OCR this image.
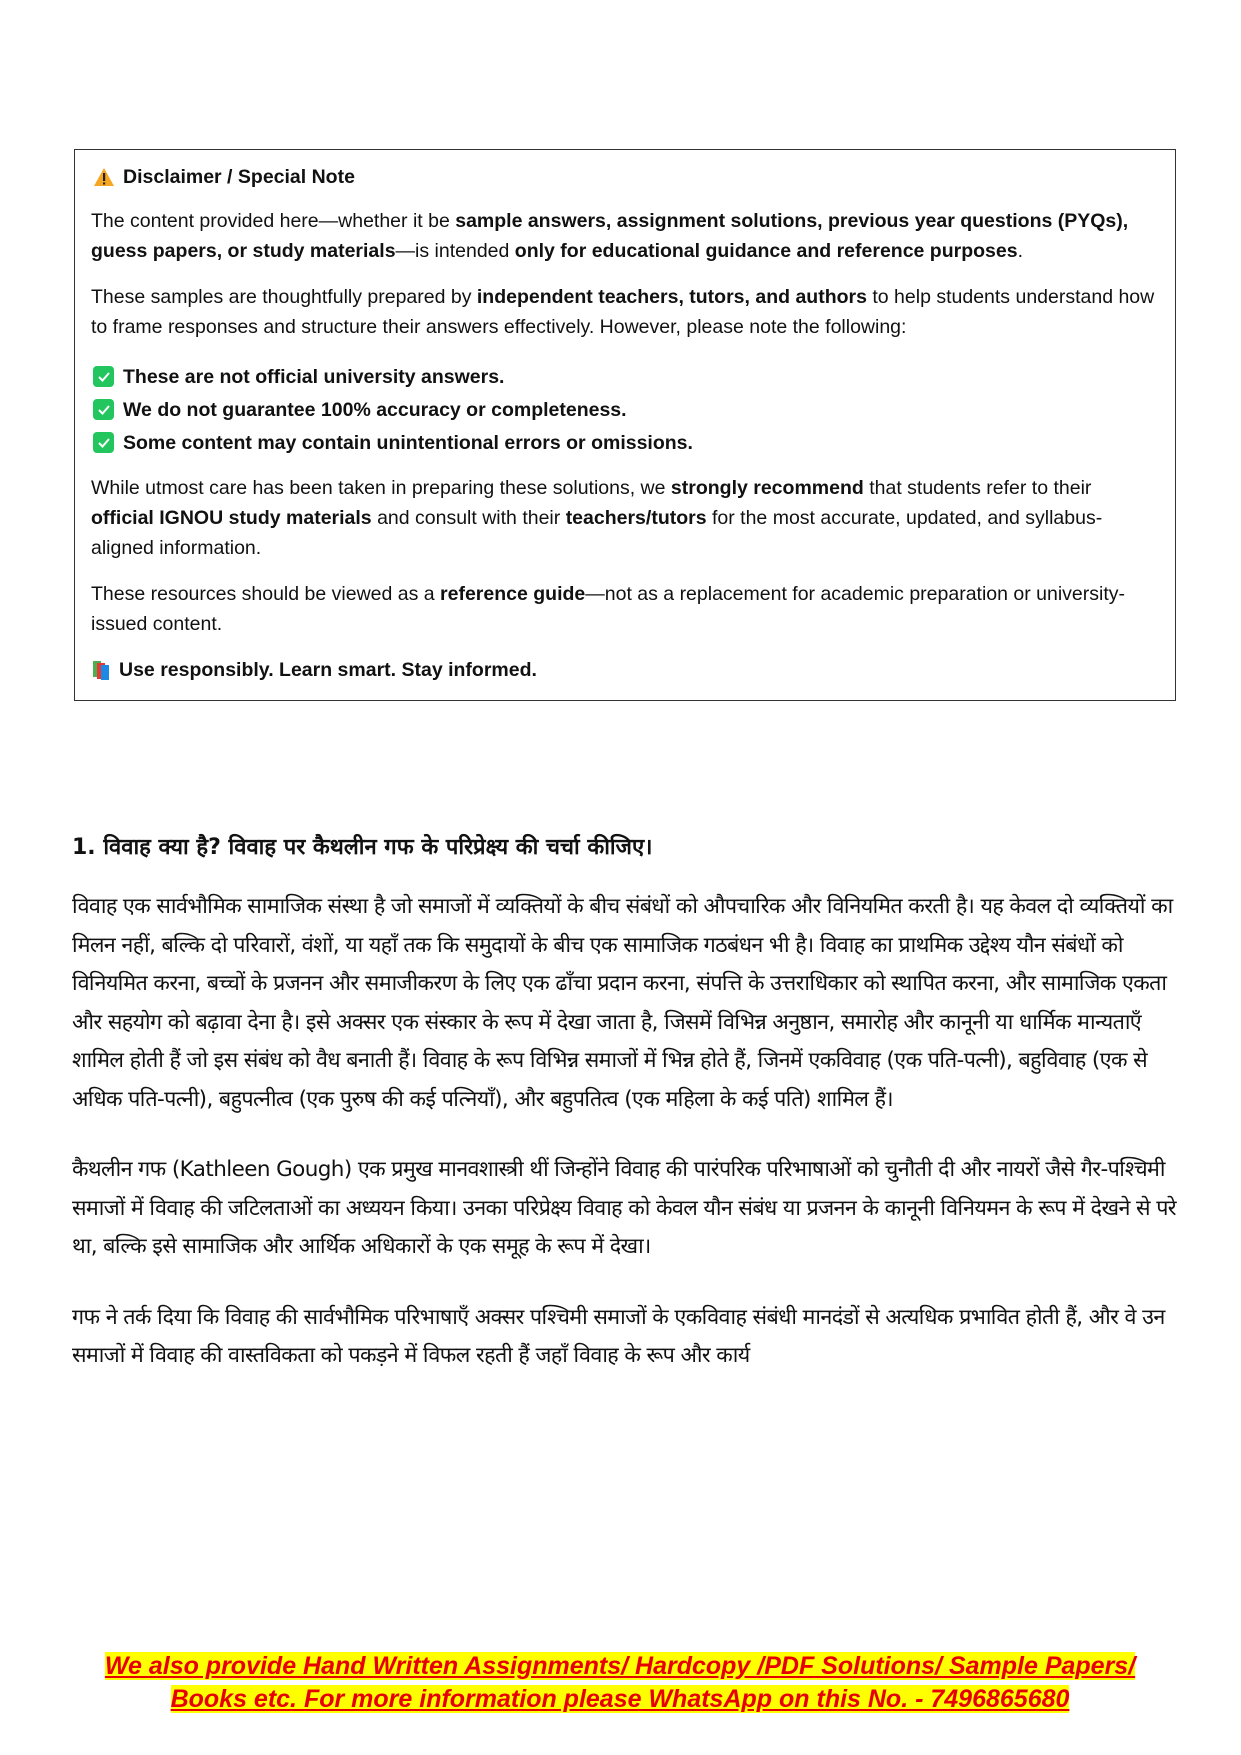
Disclaimer / Special Note

The content provided here—whether it be sample answers, assignment solutions, previous year questions (PYQs), guess papers, or study materials—is intended only for educational guidance and reference purposes.

These samples are thoughtfully prepared by independent teachers, tutors, and authors to help students understand how to frame responses and structure their answers effectively. However, please note the following:

These are not official university answers.
We do not guarantee 100% accuracy or completeness.
Some content may contain unintentional errors or omissions.

While utmost care has been taken in preparing these solutions, we strongly recommend that students refer to their official IGNOU study materials and consult with their teachers/tutors for the most accurate, updated, and syllabus-aligned information.

These resources should be viewed as a reference guide—not as a replacement for academic preparation or university-issued content.

Use responsibly. Learn smart. Stay informed.

1. विवाह क्या है? विवाह पर कैथलीन गफ के परिप्रेक्ष्य की चर्चा कीजिए।

विवाह एक सार्वभौमिक सामाजिक संस्था है जो समाजों में व्यक्तियों के बीच संबंधों को औपचारिक और विनियमित करती है। यह केवल दो व्यक्तियों का मिलन नहीं, बल्कि दो परिवारों, वंशों, या यहाँ तक कि समुदायों के बीच एक सामाजिक गठबंधन भी है। विवाह का प्राथमिक उद्देश्य यौन संबंधों को विनियमित करना, बच्चों के प्रजनन और समाजीकरण के लिए एक ढाँचा प्रदान करना, संपत्ति के उत्तराधिकार को स्थापित करना, और सामाजिक एकता और सहयोग को बढ़ावा देना है। इसे अक्सर एक संस्कार के रूप में देखा जाता है, जिसमें विभिन्न अनुष्ठान, समारोह और कानूनी या धार्मिक मान्यताएँ शामिल होती हैं जो इस संबंध को वैध बनाती हैं। विवाह के रूप विभिन्न समाजों में भिन्न होते हैं, जिनमें एकविवाह (एक पति-पत्नी), बहुविवाह (एक से अधिक पति-पत्नी), बहुपत्नीत्व (एक पुरुष की कई पत्नियाँ), और बहुपतित्व (एक महिला के कई पति) शामिल हैं।

कैथलीन गफ (Kathleen Gough) एक प्रमुख मानवशास्त्री थीं जिन्होंने विवाह की पारंपरिक परिभाषाओं को चुनौती दी और नायरों जैसे गैर-पश्चिमी समाजों में विवाह की जटिलताओं का अध्ययन किया। उनका परिप्रेक्ष्य विवाह को केवल यौन संबंध या प्रजनन के कानूनी विनियमन के रूप में देखने से परे था, बल्कि इसे सामाजिक और आर्थिक अधिकारों के एक समूह के रूप में देखा।

गफ ने तर्क दिया कि विवाह की सार्वभौमिक परिभाषाएँ अक्सर पश्चिमी समाजों के एकविवाह संबंधी मानदंडों से अत्यधिक प्रभावित होती हैं, और वे उन समाजों में विवाह की वास्तविकता को पकड़ने में विफल रहती हैं जहाँ विवाह के रूप और कार्य

We also provide Hand Written Assignments/ Hardcopy /PDF Solutions/ Sample Papers/
Books etc. For more information please WhatsApp on this No. - 7496865680
